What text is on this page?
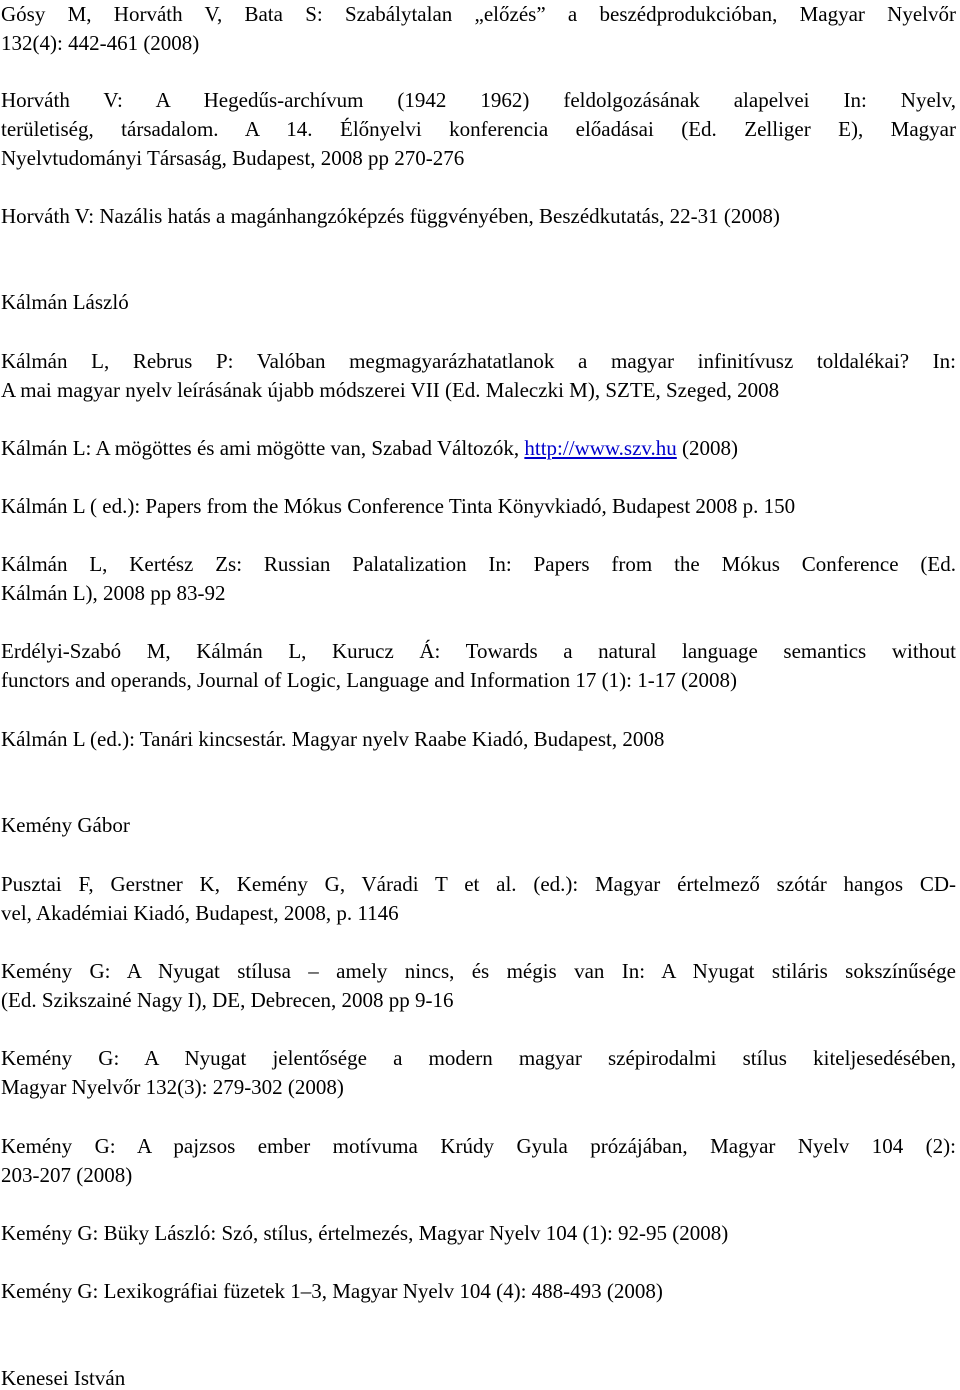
Gósy M, Horváth V, Bata S: Szabálytalan „előzés” a beszédprodukcióban, Magyar Nyelvőr
132(4): 442-461 (2008)
Horváth V: A Hegedűs-archívum (1942 1962) feldolgozásának alapelvei In: Nyelv,
területiség, társadalom. A 14. Élőnyelvi konferencia előadásai (Ed. Zelliger E), Magyar
Nyelvtudományi Társaság, Budapest, 2008 pp 270-276
Horváth V: Nazális hatás a magánhangzóképzés függvényében, Beszédkutatás, 22-31 (2008)
Kálmán László
Kálmán L, Rebrus P: Valóban megmagyarázhatatlanok a magyar infinitívusz toldalékai? In:
A mai magyar nyelv leírásának újabb módszerei VII (Ed. Maleczki M), SZTE, Szeged, 2008
Kálmán L: A mögöttes és ami mögötte van, Szabad Változók, http://www.szv.hu (2008)
Kálmán L ( ed.): Papers from the Mókus Conference Tinta Könyvkiadó, Budapest 2008 p. 150
Kálmán L, Kertész Zs: Russian Palatalization In: Papers from the Mókus Conference (Ed.
Kálmán L), 2008 pp 83-92
Erdélyi-Szabó M, Kálmán L, Kurucz Á: Towards a natural language semantics without
functors and operands, Journal of Logic, Language and Information 17 (1): 1-17 (2008)
Kálmán L (ed.): Tanári kincsestár. Magyar nyelv Raabe Kiadó, Budapest, 2008
Kemény Gábor
Pusztai F, Gerstner K, Kemény G, Váradi T et al. (ed.): Magyar értelmező szótár hangos CD-
vel, Akadémiai Kiadó, Budapest, 2008, p. 1146
Kemény G: A Nyugat stílusa – amely nincs, és mégis van In: A Nyugat stiláris sokszínűsége
(Ed. Szikszainé Nagy I), DE, Debrecen, 2008 pp 9-16
Kemény G: A Nyugat jelentősége a modern magyar szépirodalmi stílus kiteljesedésében,
Magyar Nyelvőr 132(3): 279-302 (2008)
Kemény G: A pajzsos ember motívuma Krúdy Gyula prózájában, Magyar Nyelv 104 (2):
203-207 (2008)
Kemény G: Büky László: Szó, stílus, értelmezés, Magyar Nyelv 104 (1): 92-95 (2008)
Kemény G: Lexikográfiai füzetek 1–3, Magyar Nyelv 104 (4): 488-493 (2008)
Kenesei István
